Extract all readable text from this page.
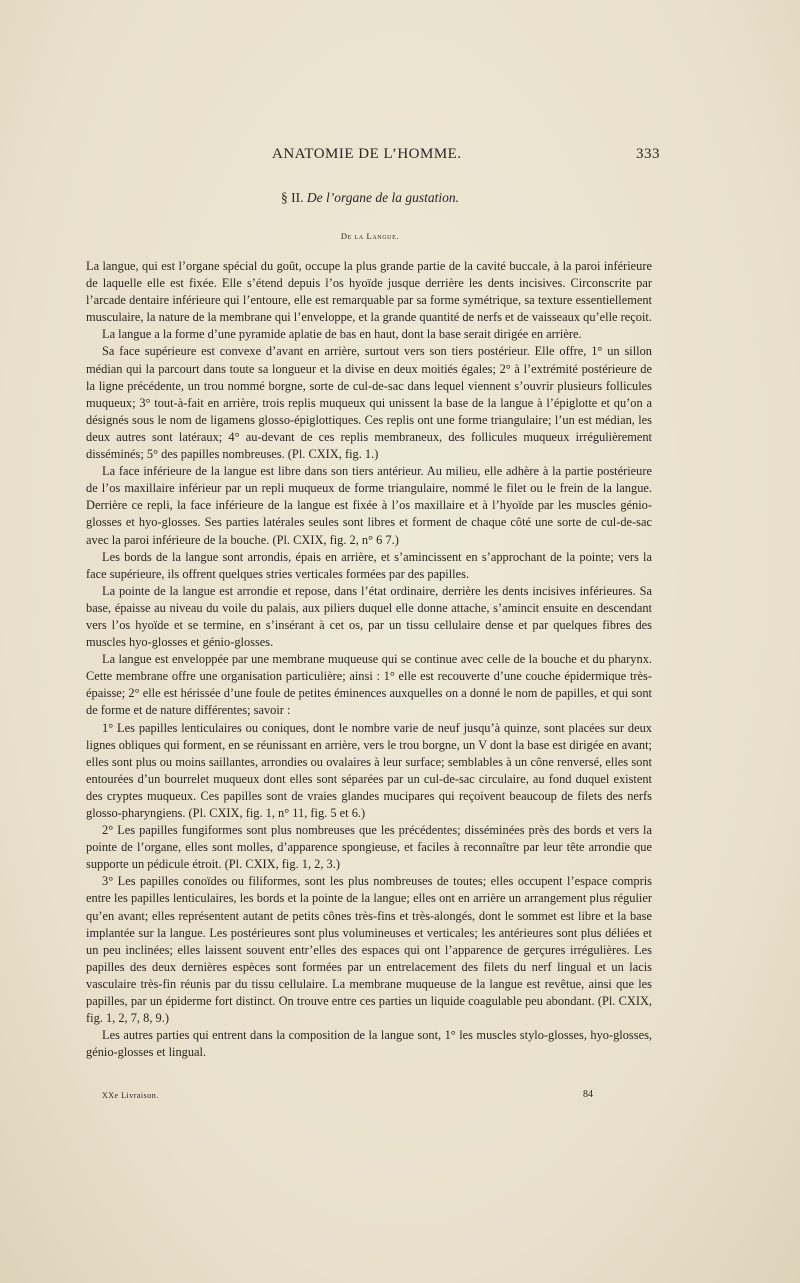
ANATOMIE DE L’HOMME.	333
§ II. De l’organe de la gustation.
De la Langue.

La langue, qui est l’organe spécial du goût, occupe la plus grande partie de la cavité buccale, à la paroi inférieure de laquelle elle est fixée. Elle s’étend depuis l’os hyoïde jusque derrière les dents incisives. Circonscrite par l’arcade dentaire inférieure qui l’entoure, elle est remarquable par sa forme symétrique, sa texture essentiellement musculaire, la nature de la membrane qui l’enveloppe, et la grande quantité de nerfs et de vaisseaux qu’elle reçoit.

La langue a la forme d’une pyramide aplatie de bas en haut, dont la base serait dirigée en arrière.

Sa face supérieure est convexe d’avant en arrière, surtout vers son tiers postérieur. Elle offre, 1° un sillon médian qui la parcourt dans toute sa longueur et la divise en deux moitiés égales; 2° à l’extrémité postérieure de la ligne précédente, un trou nommé borgne, sorte de cul-de-sac dans lequel viennent s’ouvrir plusieurs follicules muqueux; 3° tout-à-fait en arrière, trois replis muqueux qui unissent la base de la langue à l’épiglotte et qu’on a désignés sous le nom de ligamens glosso-épiglottiques. Ces replis ont une forme triangulaire; l’un est médian, les deux autres sont latéraux; 4° au-devant de ces replis membraneux, des follicules muqueux irrégulièrement disséminés; 5° des papilles nombreuses. (Pl. CXIX, fig. 1.)

La face inférieure de la langue est libre dans son tiers antérieur. Au milieu, elle adhère à la partie postérieure de l’os maxillaire inférieur par un repli muqueux de forme triangulaire, nommé le filet ou le frein de la langue. Derrière ce repli, la face inférieure de la langue est fixée à l’os maxillaire et à l’hyoïde par les muscles génio-glosses et hyo-glosses. Ses parties latérales seules sont libres et forment de chaque côté une sorte de cul-de-sac avec la paroi inférieure de la bouche. (Pl. CXIX, fig. 2, n° 6 7.)

Les bords de la langue sont arrondis, épais en arrière, et s’amincissent en s’approchant de la pointe; vers la face supérieure, ils offrent quelques stries verticales formées par des papilles.

La pointe de la langue est arrondie et repose, dans l’état ordinaire, derrière les dents incisives inférieures. Sa base, épaisse au niveau du voile du palais, aux piliers duquel elle donne attache, s’amincit ensuite en descendant vers l’os hyoïde et se termine, en s’insérant à cet os, par un tissu cellulaire dense et par quelques fibres des muscles hyo-glosses et génio-glosses.

La langue est enveloppée par une membrane muqueuse qui se continue avec celle de la bouche et du pharynx. Cette membrane offre une organisation particulière; ainsi : 1° elle est recouverte d’une couche épidermique très-épaisse; 2° elle est hérissée d’une foule de petites éminences auxquelles on a donné le nom de papilles, et qui sont de forme et de nature différentes; savoir :

1° Les papilles lenticulaires ou coniques, dont le nombre varie de neuf jusqu’à quinze, sont placées sur deux lignes obliques qui forment, en se réunissant en arrière, vers le trou borgne, un V dont la base est dirigée en avant; elles sont plus ou moins saillantes, arrondies ou ovalaires à leur surface; semblables à un cône renversé, elles sont entourées d’un bourrelet muqueux dont elles sont séparées par un cul-de-sac circulaire, au fond duquel existent des cryptes muqueux. Ces papilles sont de vraies glandes mucipares qui reçoivent beaucoup de filets des nerfs glosso-pharyngiens. (Pl. CXIX, fig. 1, n° 11, fig. 5 et 6.)

2° Les papilles fungiformes sont plus nombreuses que les précédentes; disséminées près des bords et vers la pointe de l’organe, elles sont molles, d’apparence spongieuse, et faciles à reconnaître par leur tête arrondie que supporte un pédicule étroit. (Pl. CXIX, fig. 1, 2, 3.)

3° Les papilles conoïdes ou filiformes, sont les plus nombreuses de toutes; elles occupent l’espace compris entre les papilles lenticulaires, les bords et la pointe de la langue; elles ont en arrière un arrangement plus régulier qu’en avant; elles représentent autant de petits cônes très-fins et très-alongés, dont le sommet est libre et la base implantée sur la langue. Les postérieures sont plus volumineuses et verticales; les antérieures sont plus déliées et un peu inclinées; elles laissent souvent entr’elles des espaces qui ont l’apparence de gerçures irrégulières. Les papilles des deux dernières espèces sont formées par un entrelacement des filets du nerf lingual et un lacis vasculaire très-fin réunis par du tissu cellulaire. La membrane muqueuse de la langue est revêtue, ainsi que les papilles, par un épiderme fort distinct. On trouve entre ces parties un liquide coagulable peu abondant. (Pl. CXIX, fig. 1, 2, 7, 8, 9.)

Les autres parties qui entrent dans la composition de la langue sont, 1° les muscles stylo-glosses, hyo-glosses, génio-glosses et lingual.

XXe Livraison.	84
